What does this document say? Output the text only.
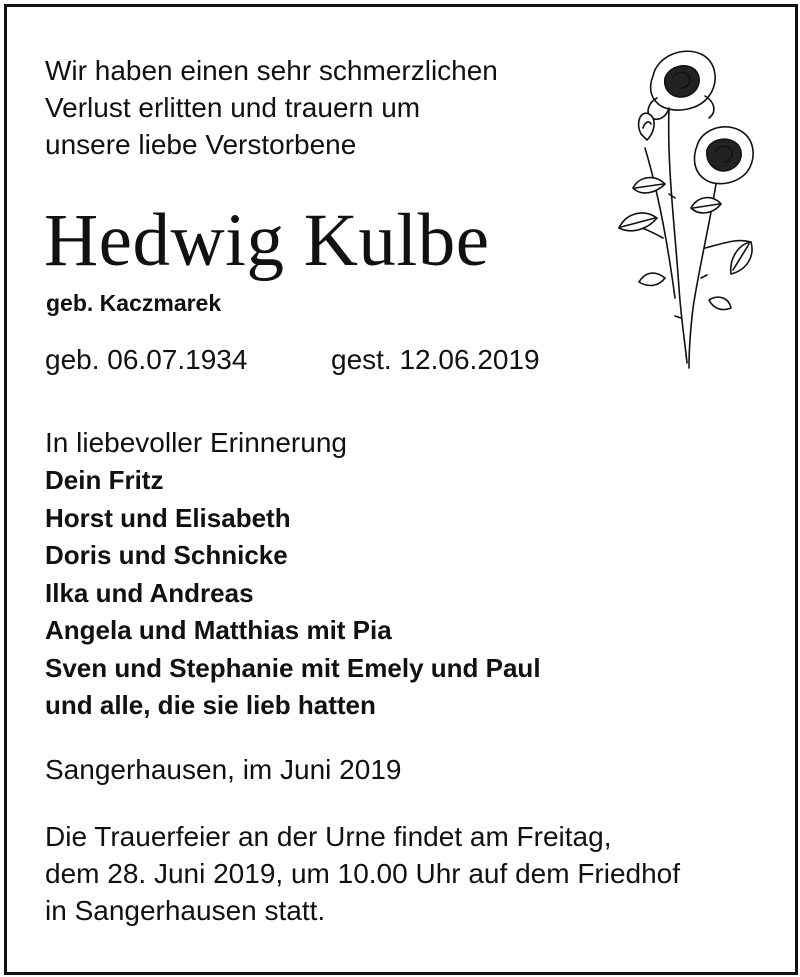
Wir haben einen sehr schmerzlichen
Verlust erlitten und trauern um
unsere liebe Verstorbene
Hedwig Kulbe
geb. Kaczmarek
geb. 06.07.1934	gest. 12.06.2019
In liebevoller Erinnerung
Dein Fritz
Horst und Elisabeth
Doris und Schnicke
Ilka und Andreas
Angela und Matthias mit Pia
Sven und Stephanie mit Emely und Paul
und alle, die sie lieb hatten
Sangerhausen, im Juni 2019
Die Trauerfeier an der Urne findet am Freitag,
dem 28. Juni 2019, um 10.00 Uhr auf dem Friedhof
in Sangerhausen statt.
